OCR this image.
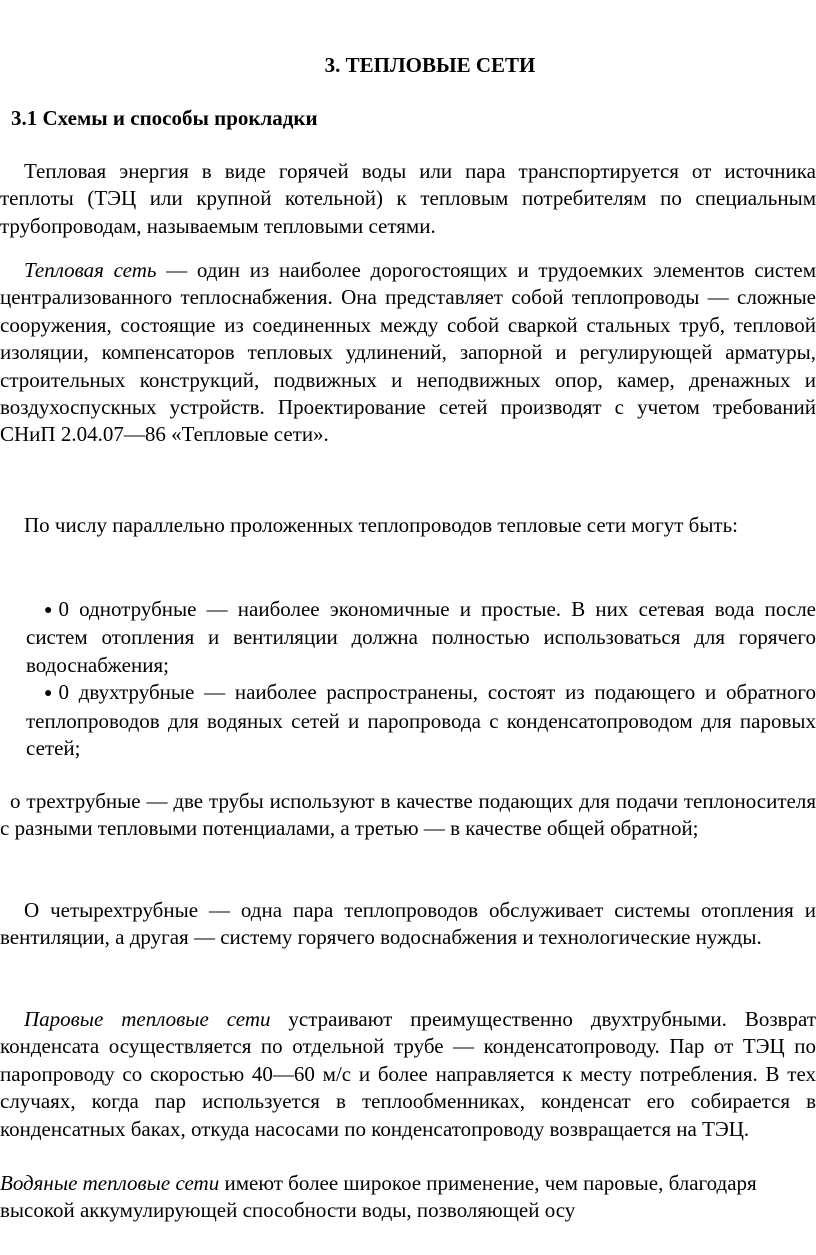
3. ТЕПЛОВЫЕ СЕТИ
3.1 Схемы и способы прокладки
Тепловая энергия в виде горячей воды или пара транспортируется от источника теплоты (ТЭЦ или крупной котельной) к тепловым потребителям по специальным трубопроводам, называемым тепловыми сетями.
Тепловая сеть — один из наиболее дорогостоящих и трудоемких элементов систем централизованного теплоснабжения. Она представляет собой теплопроводы — сложные сооружения, состоящие из соединенных между собой сваркой стальных труб, тепловой изоляции, компенсаторов тепловых удлинений, запорной и регулирующей арматуры, строительных конструкций, подвижных и неподвижных опор, камер, дренажных и воздухоспускных устройств. Проектирование сетей производят с учетом требований СНиП 2.04.07—86 «Тепловые сети».
По числу параллельно проложенных теплопроводов тепловые сети могут быть:
● 0 однотрубные — наиболее экономичные и простые. В них сетевая вода после систем отопления и вентиляции должна полностью использоваться для горячего водоснабжения;
● 0 двухтрубные — наиболее распространены, состоят из подающего и обратного теплопроводов для водяных сетей и паропровода с конденсатопроводом для паровых сетей;
о трехтрубные — две трубы используют в качестве подающих для подачи теплоносителя с разными тепловыми потенциалами, а третью — в качестве общей обратной;
О четырехтрубные — одна пара теплопроводов обслуживает системы отопления и вентиляции, а другая — систему горячего водоснабжения и технологические нужды.
Паровые тепловые сети устраивают преимущественно двухтрубными. Возврат конденсата осуществляется по отдельной трубе — конденсатопроводу. Пар от ТЭЦ по паропроводу со скоростью 40—60 м/с и более направляется к месту потребления. В тех случаях, когда пар используется в теплообменниках, конденсат его собирается в конденсатных баках, откуда насосами по конденсатопроводу возвращается на ТЭЦ.
Водяные тепловые сети имеют более широкое применение, чем паровые, благодаря высокой аккумулирующей способности воды, позволяющей осу
